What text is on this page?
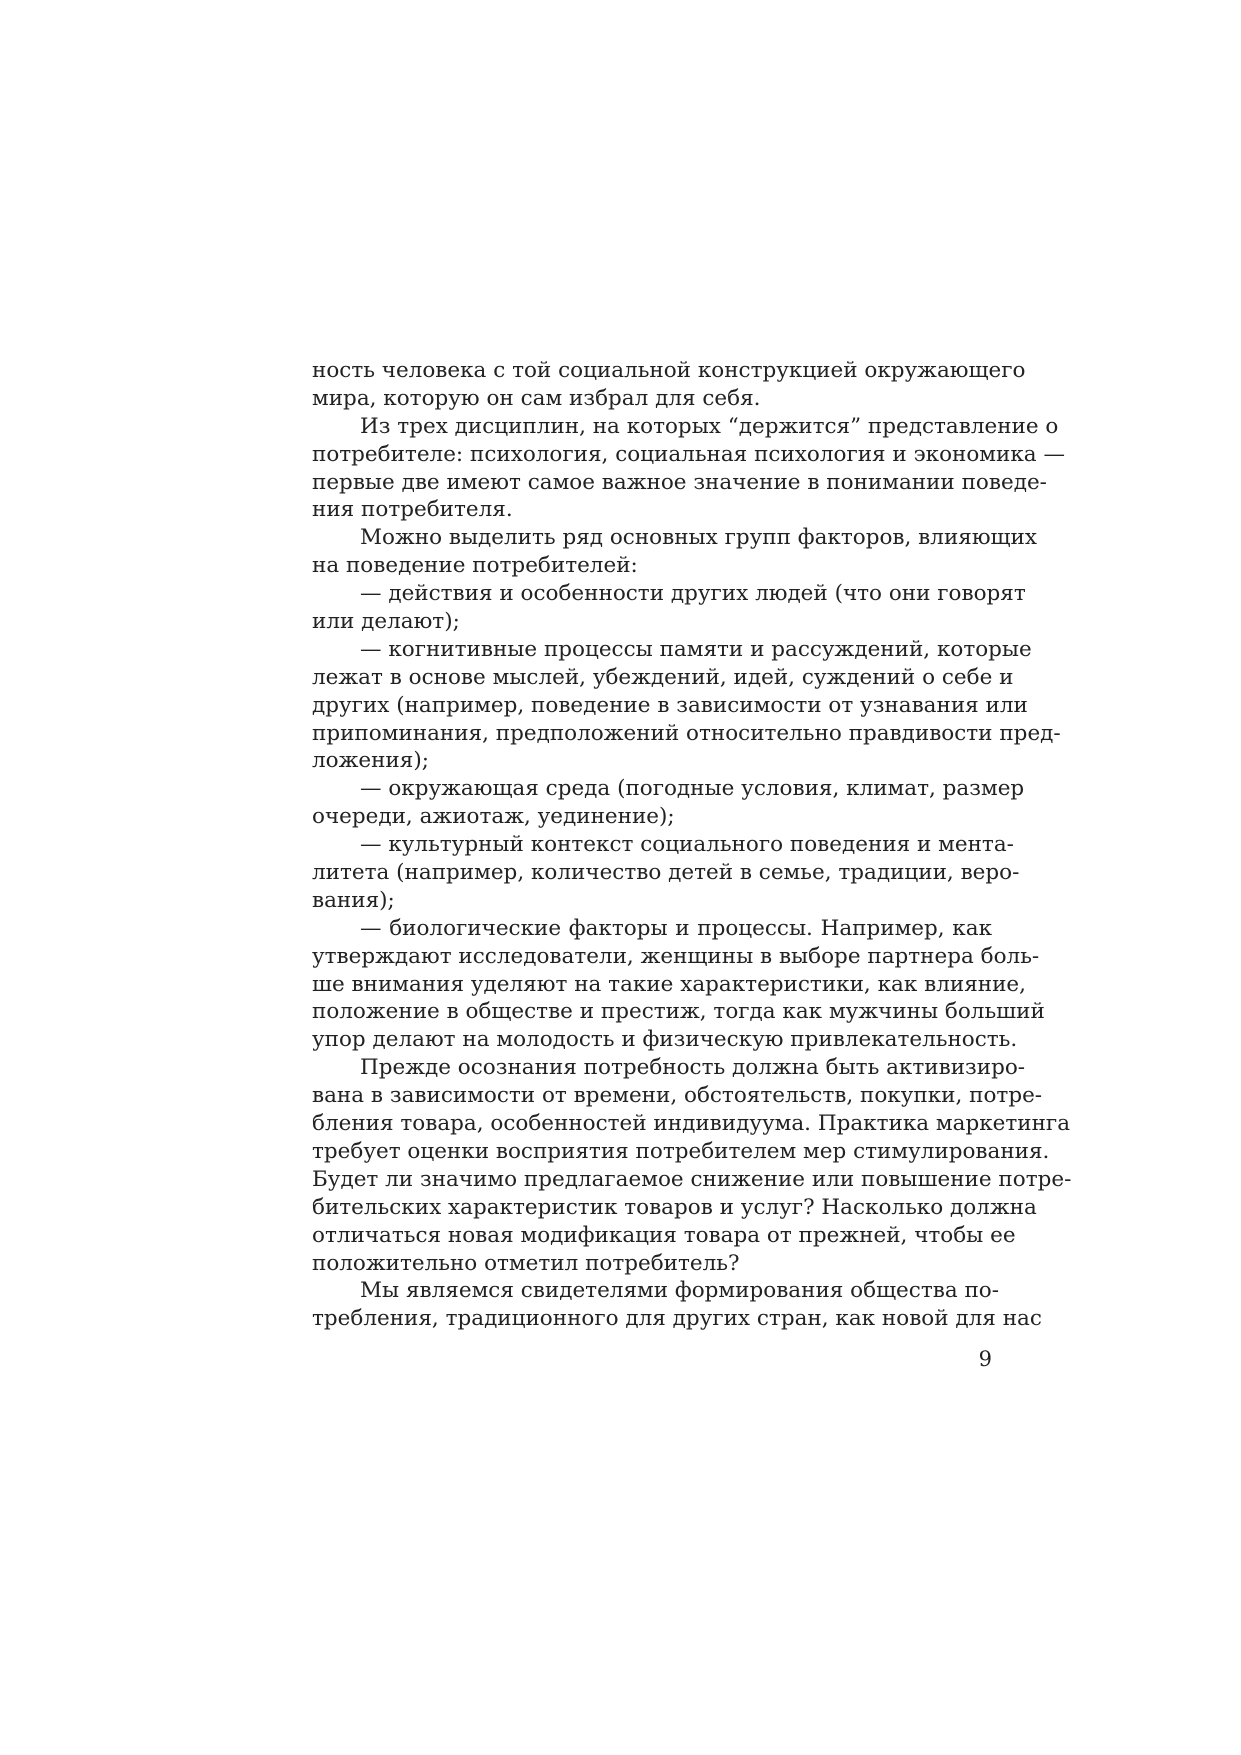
ность человека с той социальной конструкцией окружающего
мира, которую он сам избрал для себя.
Из трех дисциплин, на которых “держится” представление о
потребителе: психология, социальная психология и экономика —
первые две имеют самое важное значение в понимании поведе-
ния потребителя.
Можно выделить ряд основных групп факторов, влияющих
на поведение потребителей:
— действия и особенности других людей (что они говорят
или делают);
— когнитивные процессы памяти и рассуждений, которые
лежат в основе мыслей, убеждений, идей, суждений о себе и
других (например, поведение в зависимости от узнавания или
припоминания, предположений относительно правдивости пред-
ложения);
— окружающая среда (погодные условия, климат, размер
очереди, ажиотаж, уединение);
— культурный контекст социального поведения и мента-
литета (например, количество детей в семье, традиции, веро-
вания);
— биологические факторы и процессы. Например, как
утверждают исследователи, женщины в выборе партнера боль-
ше внимания уделяют на такие характеристики, как влияние,
положение в обществе и престиж, тогда как мужчины больший
упор делают на молодость и физическую привлекательность.
Прежде осознания потребность должна быть активизиро-
вана в зависимости от времени, обстоятельств, покупки, потре-
бления товара, особенностей индивидуума. Практика маркетинга
требует оценки восприятия потребителем мер стимулирования.
Будет ли значимо предлагаемое снижение или повышение потре-
бительских характеристик товаров и услуг? Насколько должна
отличаться новая модификация товара от прежней, чтобы ее
положительно отметил потребитель?
Мы являемся свидетелями формирования общества по-
требления, традиционного для других стран, как новой для нас
9
